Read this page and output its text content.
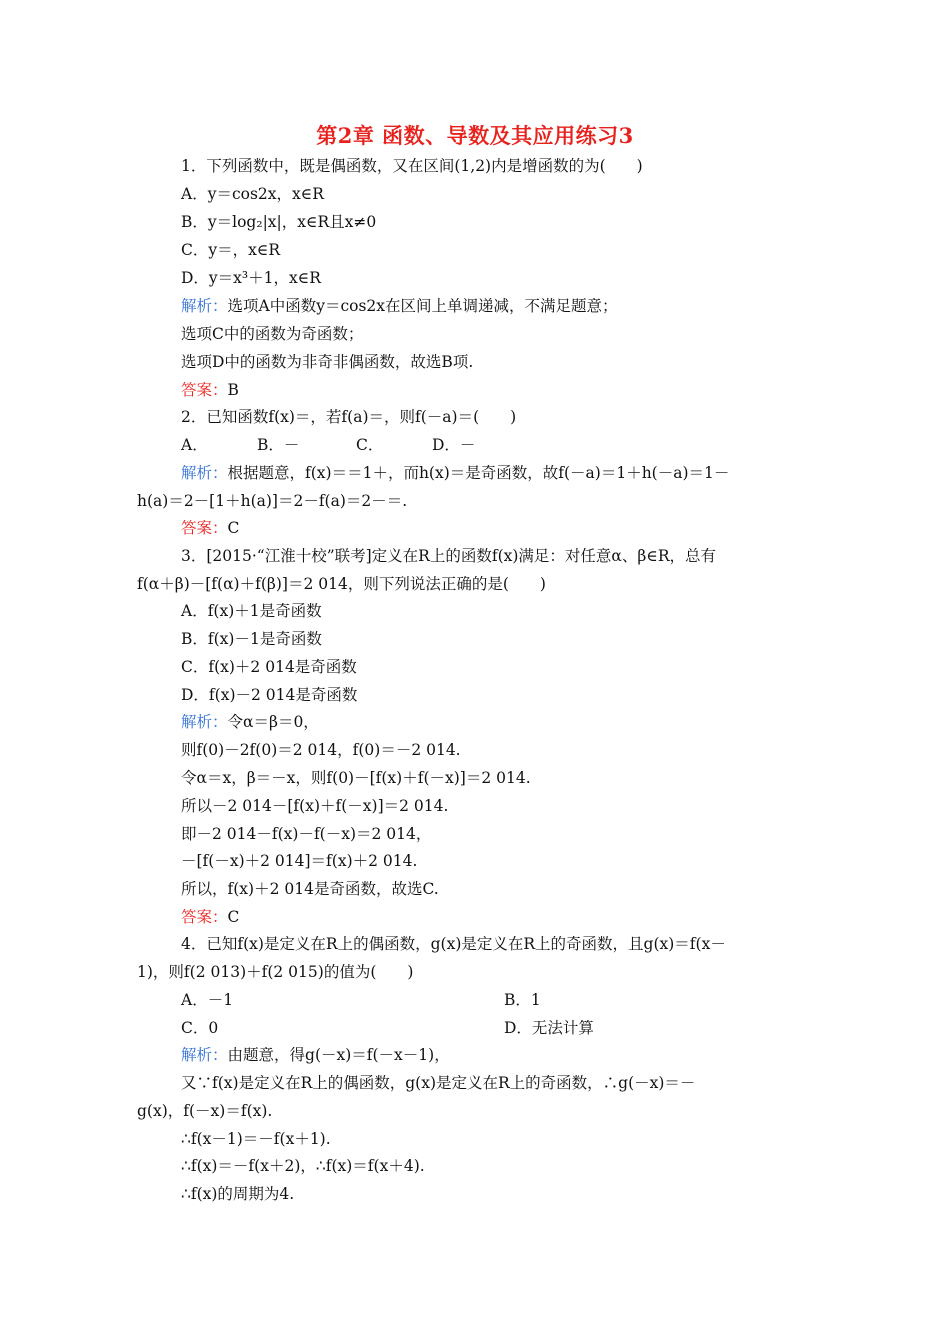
第2章 函数、导数及其应用练习3
1．下列函数中，既是偶函数，又在区间(1,2)内是增函数的为(　　)
A．y＝cos2x，x∈R
B．y＝log₂|x|，x∈R且x≠0
C．y＝，x∈R
D．y＝x³＋1，x∈R
解析：选项A中函数y＝cos2x在区间上单调递减，不满足题意；
选项C中的函数为奇函数；
选项D中的函数为非奇非偶函数，故选B项.
答案：B
2．已知函数f(x)＝，若f(a)＝，则f(－a)＝(　　)
A．	B．－	C．	D．－
解析：根据题意，f(x)＝＝1＋，而h(x)＝是奇函数，故f(－a)＝1＋h(－a)＝1－
h(a)＝2－[1＋h(a)]＝2－f(a)＝2－＝.
答案：C
3．[2015·“江淮十校”联考]定义在R上的函数f(x)满足：对任意α、β∈R，总有
f(α＋β)－[f(α)＋f(β)]＝2 014，则下列说法正确的是(　　)
A．f(x)＋1是奇函数
B．f(x)－1是奇函数
C．f(x)＋2 014是奇函数
D．f(x)－2 014是奇函数
解析：令α＝β＝0，
则f(0)－2f(0)＝2 014，f(0)＝－2 014.
令α＝x，β＝－x，则f(0)－[f(x)＋f(－x)]＝2 014.
所以－2 014－[f(x)＋f(－x)]＝2 014.
即－2 014－f(x)－f(－x)＝2 014，
－[f(－x)＋2 014]＝f(x)＋2 014.
所以，f(x)＋2 014是奇函数，故选C.
答案：C
4．已知f(x)是定义在R上的偶函数，g(x)是定义在R上的奇函数，且g(x)＝f(x－
1)，则f(2 013)＋f(2 015)的值为(　　)
A．－1	B．1
C．0	D．无法计算
解析：由题意，得g(－x)＝f(－x－1)，
又∵f(x)是定义在R上的偶函数，g(x)是定义在R上的奇函数，∴g(－x)＝－
g(x)，f(－x)＝f(x).
∴f(x－1)＝－f(x＋1).
∴f(x)＝－f(x＋2)，∴f(x)＝f(x＋4).
∴f(x)的周期为4.
